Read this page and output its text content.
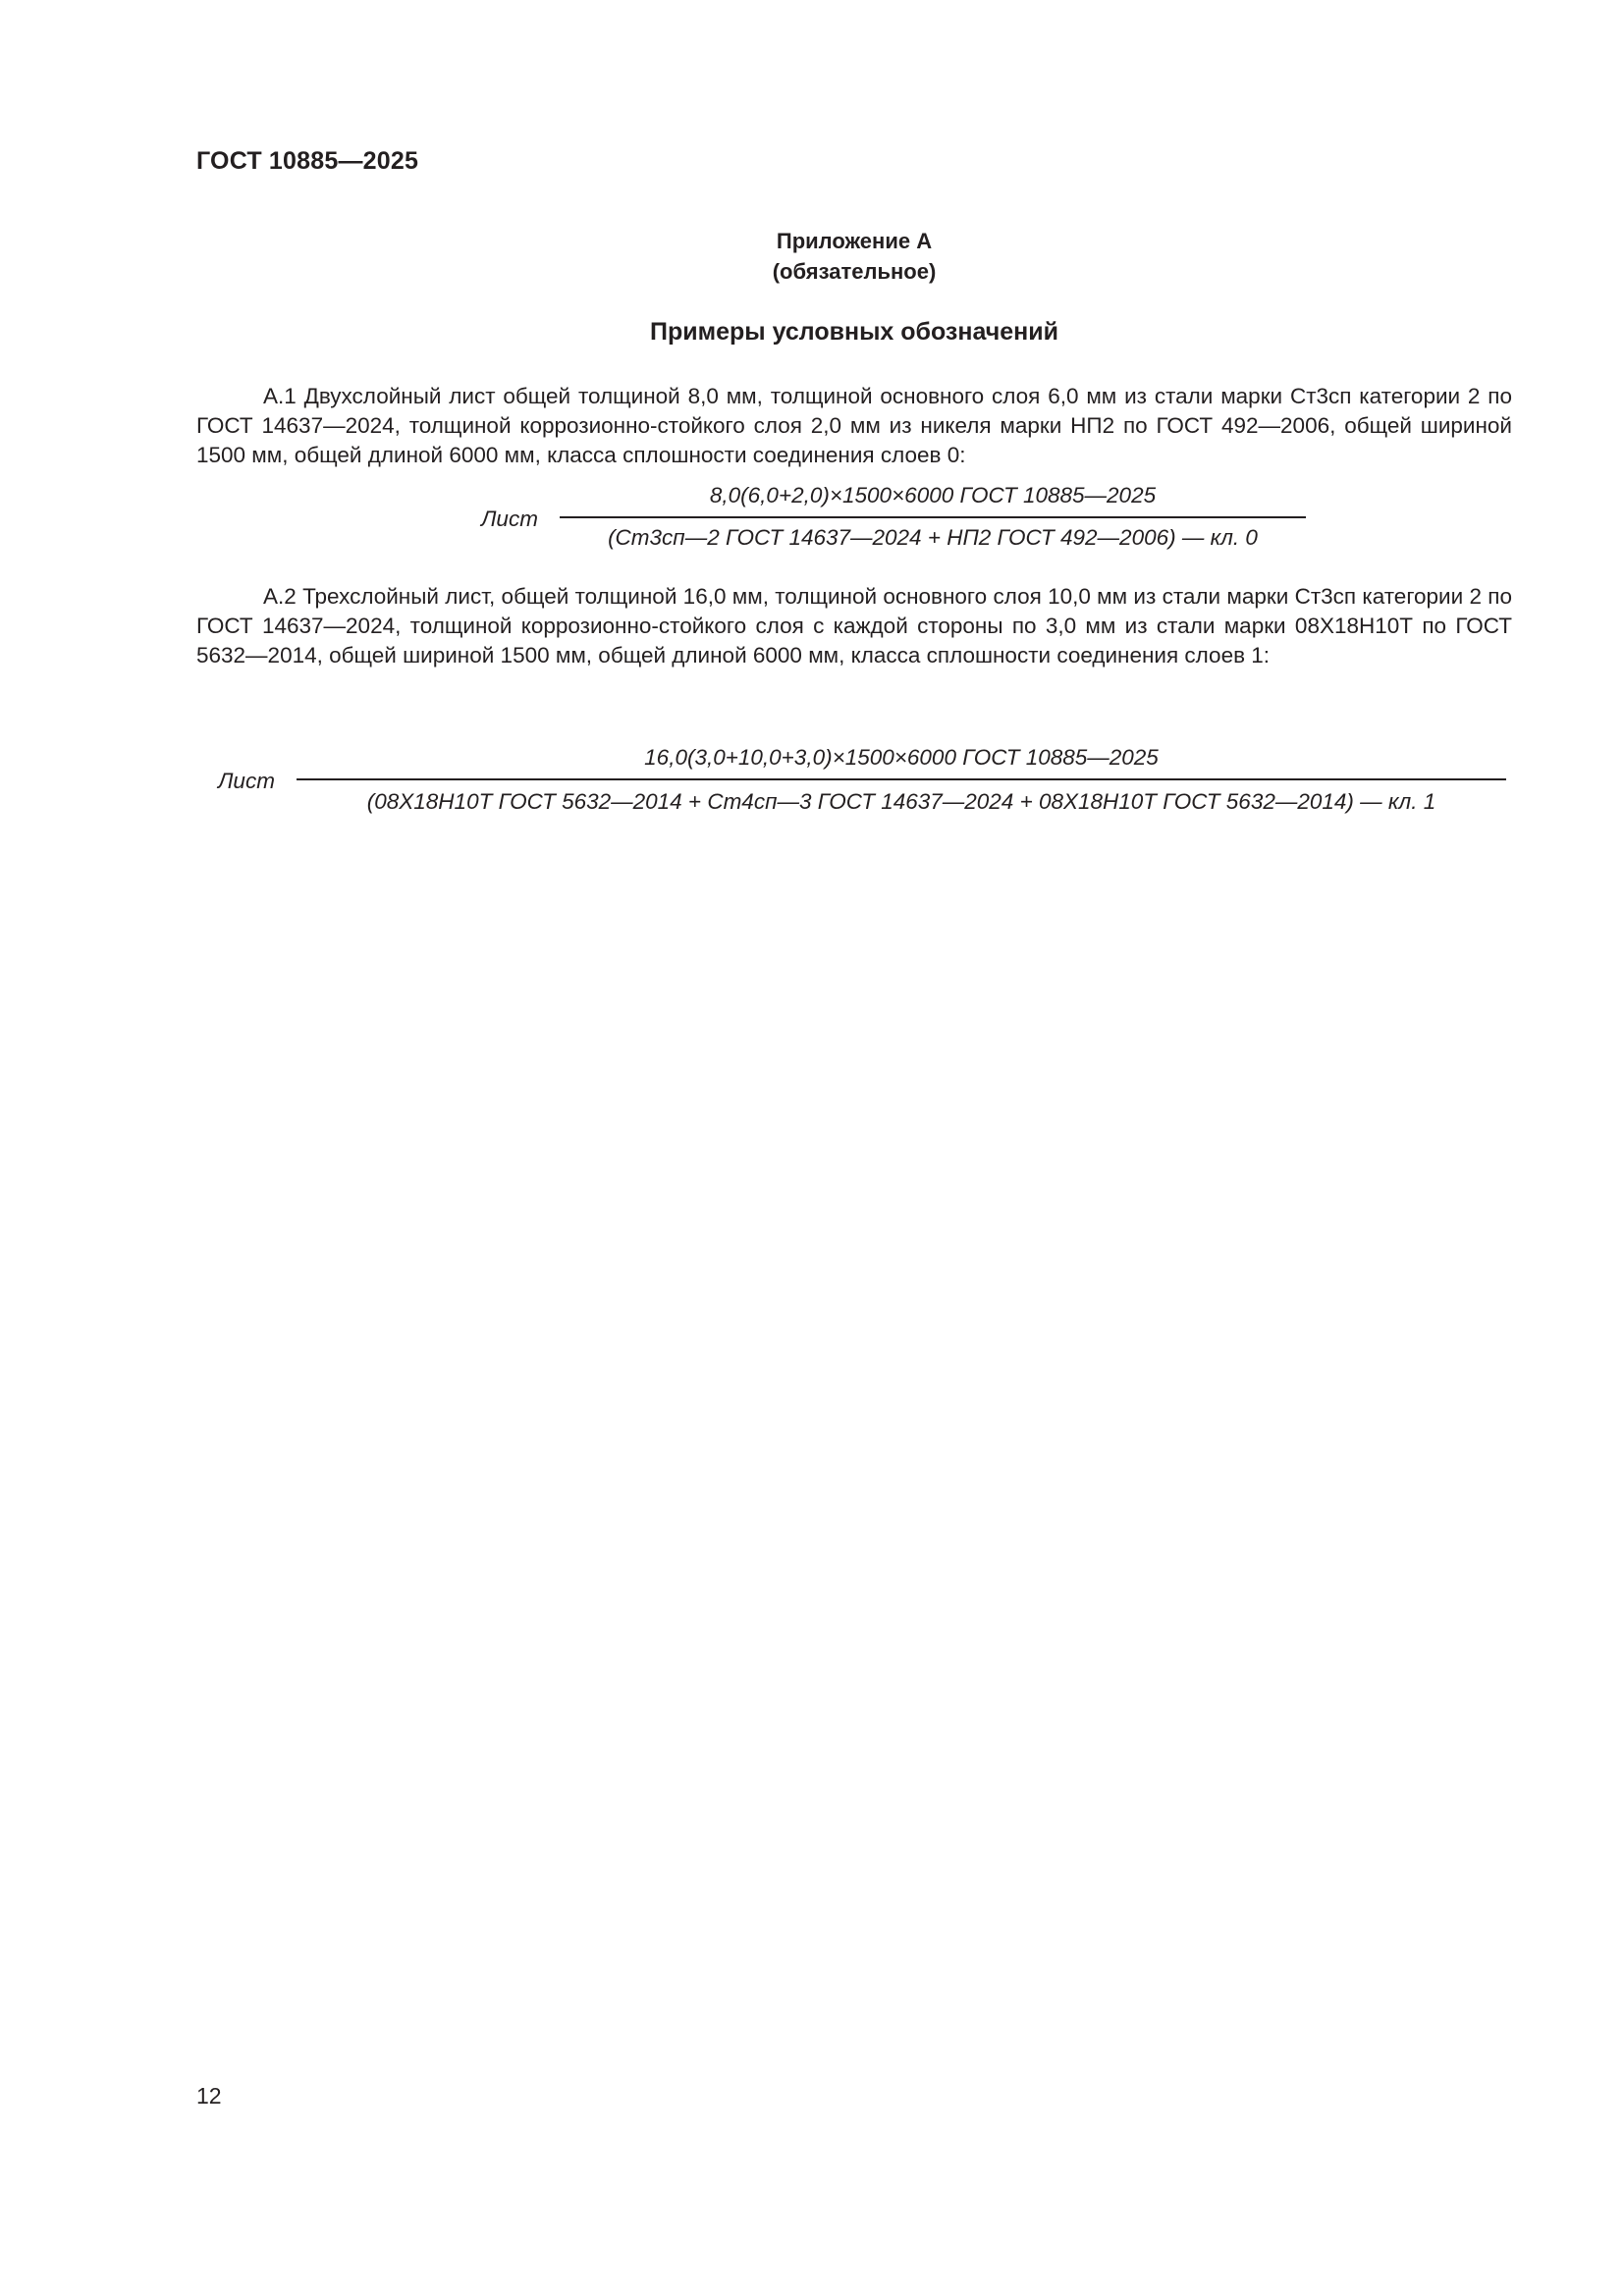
ГОСТ 10885—2025
Приложение А
(обязательное)
Примеры условных обозначений

А.1 Двухслойный лист общей толщиной 8,0 мм, толщиной основного слоя 6,0 мм из стали марки Ст3сп категории 2 по ГОСТ 14637—2024, толщиной коррозионно-стойкого слоя 2,0 мм из никеля марки НП2 по ГОСТ 492—2006, общей шириной 1500 мм, общей длиной 6000 мм, класса сплошности соединения слоев 0:

Лист
8,0(6,0+2,0)×1500×6000 ГОСТ 10885—2025
(Ст3сп—2 ГОСТ 14637—2024 + НП2 ГОСТ 492—2006) — кл. 0

А.2 Трехслойный лист, общей толщиной 16,0 мм, толщиной основного слоя 10,0 мм из стали марки Ст3сп категории 2 по ГОСТ 14637—2024, толщиной коррозионно-стойкого слоя с каждой стороны по 3,0 мм из стали марки 08Х18Н10Т по ГОСТ 5632—2014, общей шириной 1500 мм, общей длиной 6000 мм, класса сплошности соединения слоев 1:

Лист
16,0(3,0+10,0+3,0)×1500×6000 ГОСТ 10885—2025
(08Х18Н10Т ГОСТ 5632—2014 + Ст4сп—3 ГОСТ 14637—2024 + 08Х18Н10Т ГОСТ 5632—2014) — кл. 1
12
